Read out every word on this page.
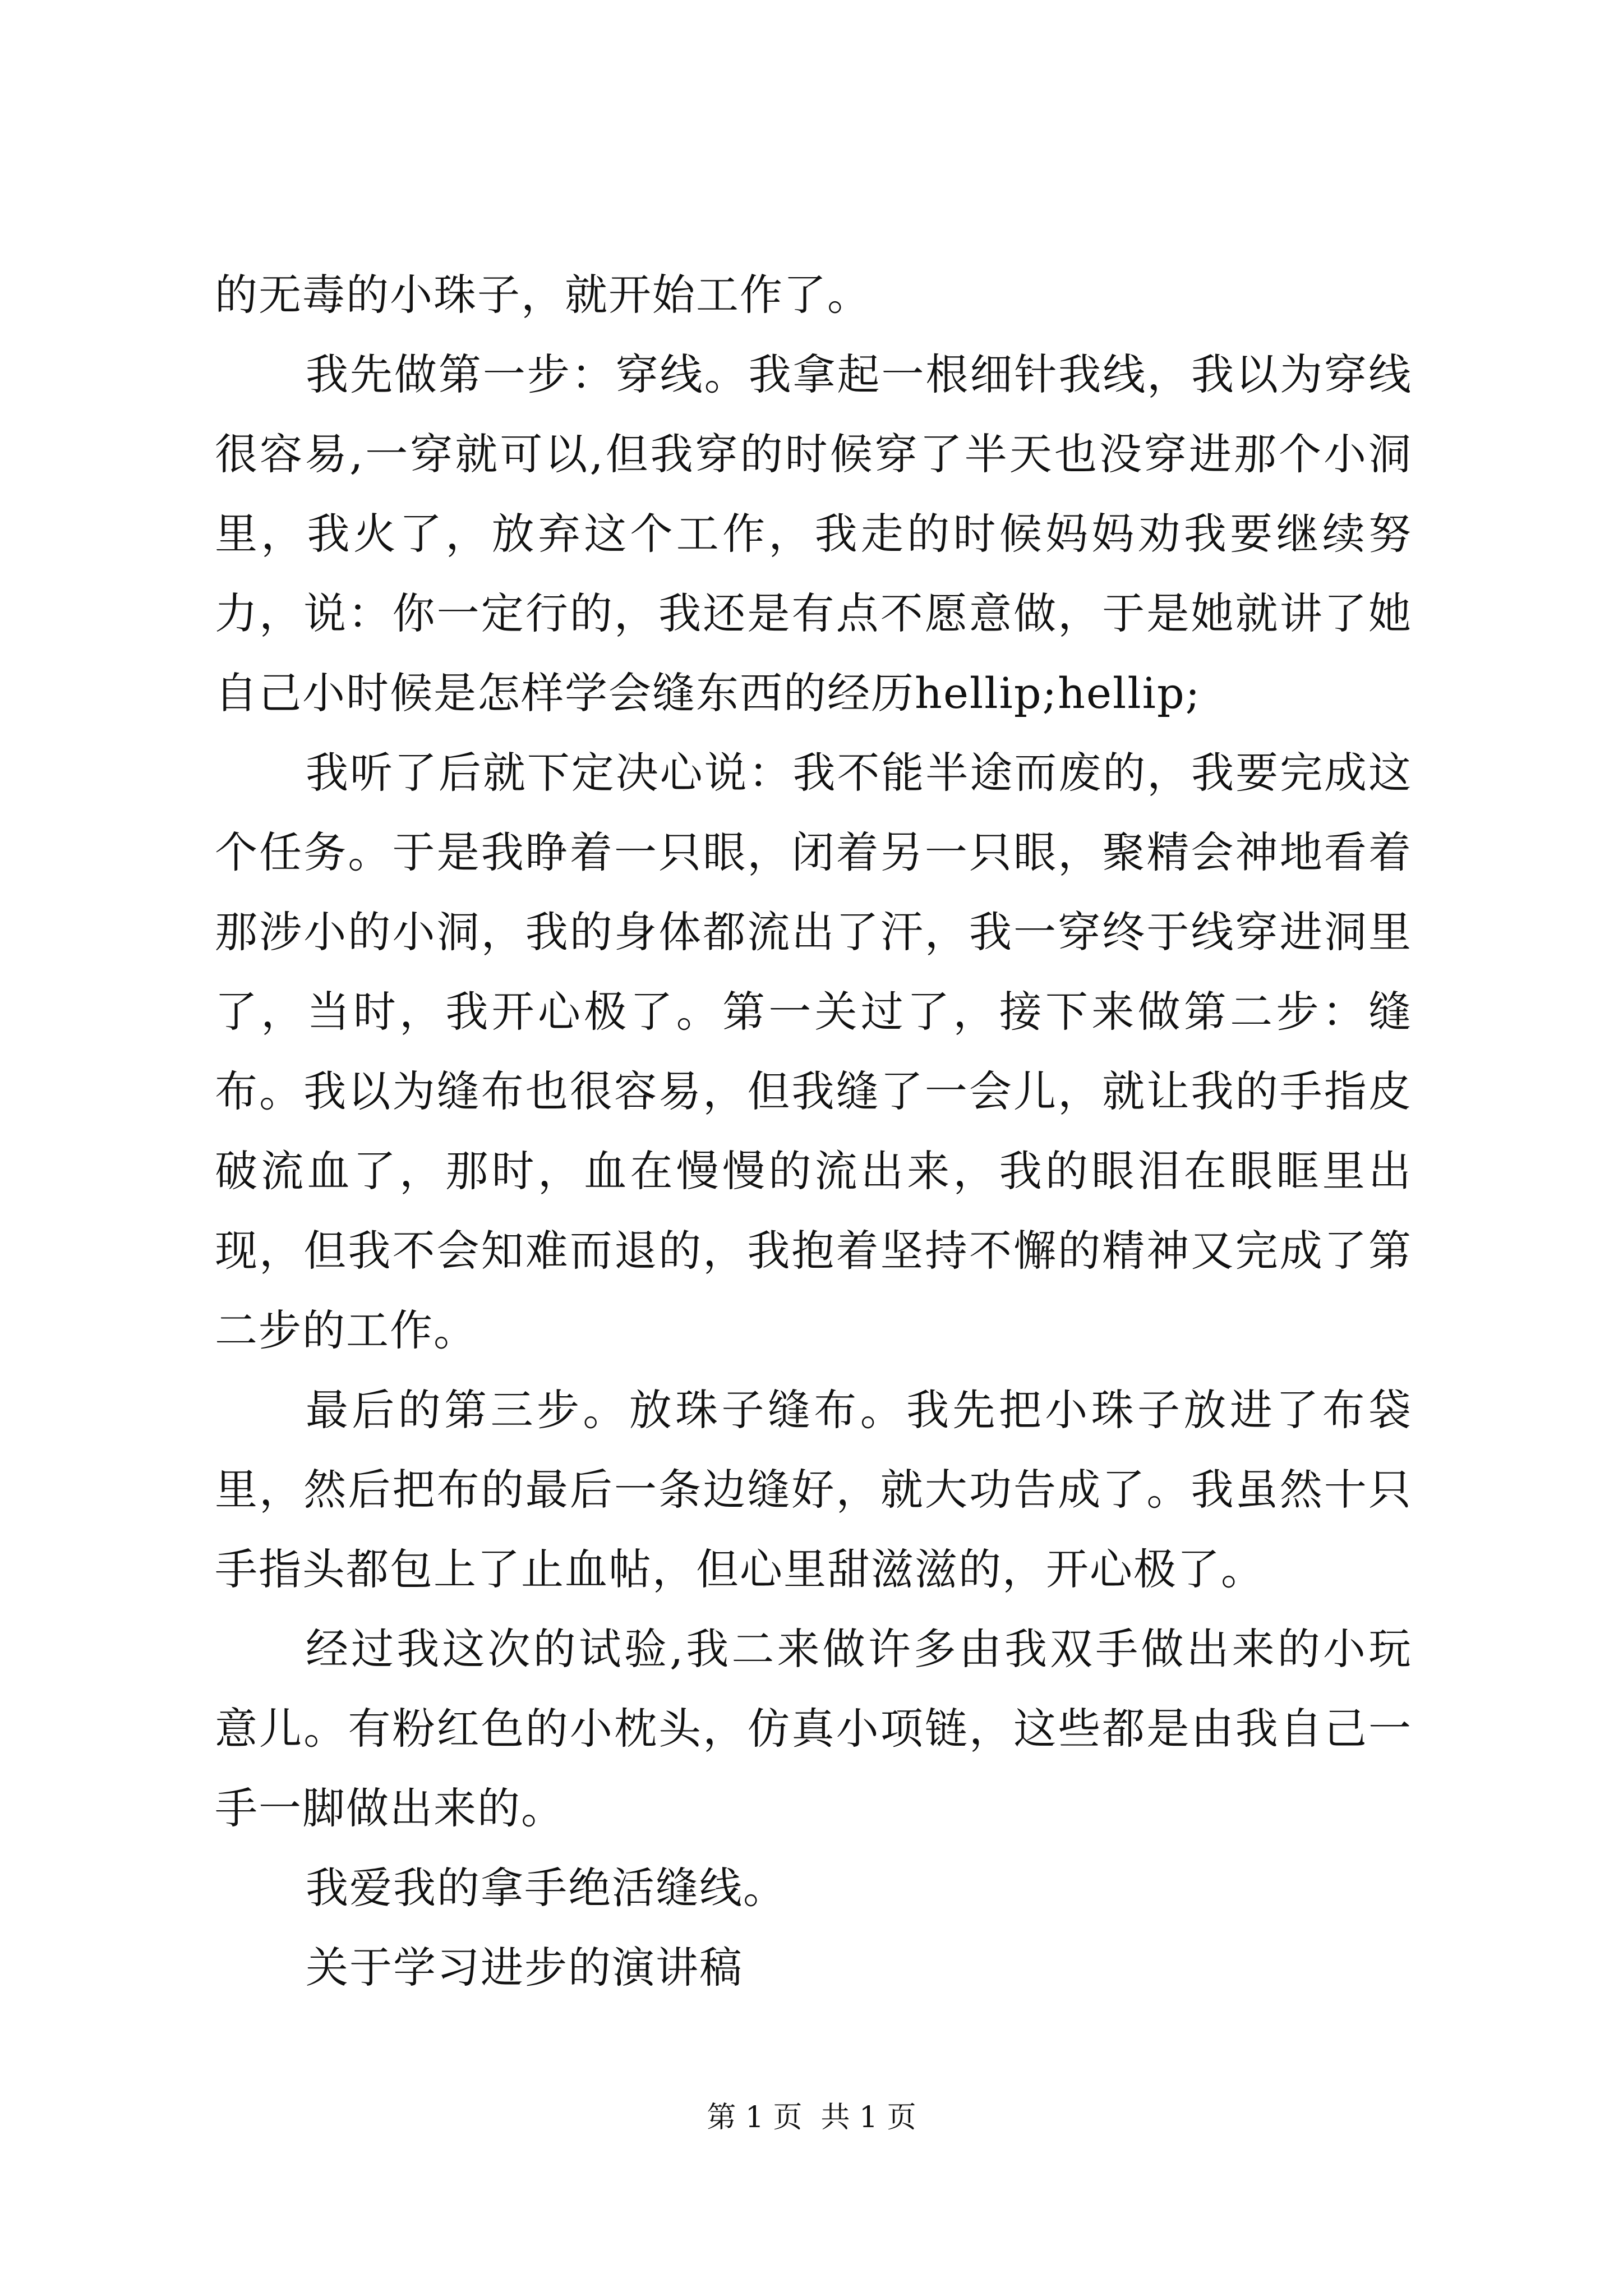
的无毒的小珠子，就开始工作了。

我先做第一步：穿线。我拿起一根细针我线，我以为穿线很容易,一穿就可以,但我穿的时候穿了半天也没穿进那个小洞里，我火了，放弃这个工作，我走的时候妈妈劝我要继续努力，说：你一定行的，我还是有点不愿意做，于是她就讲了她自己小时候是怎样学会缝东西的经历hellip;hellip;

我听了后就下定决心说：我不能半途而废的，我要完成这个任务。于是我睁着一只眼，闭着另一只眼，聚精会神地看着那涉小的小洞，我的身体都流出了汗，我一穿终于线穿进洞里了，当时，我开心极了。第一关过了，接下来做第二步：缝布。我以为缝布也很容易，但我缝了一会儿，就让我的手指皮破流血了，那时，血在慢慢的流出来，我的眼泪在眼眶里出现，但我不会知难而退的，我抱着坚持不懈的精神又完成了第二步的工作。

最后的第三步。放珠子缝布。我先把小珠子放进了布袋里，然后把布的最后一条边缝好，就大功告成了。我虽然十只手指头都包上了止血帖，但心里甜滋滋的，开心极了。

经过我这次的试验,我二来做许多由我双手做出来的小玩意儿。有粉红色的小枕头，仿真小项链，这些都是由我自己一手一脚做出来的。

我爱我的拿手绝活缝线。

关于学习进步的演讲稿

第 1 页  共 1 页
